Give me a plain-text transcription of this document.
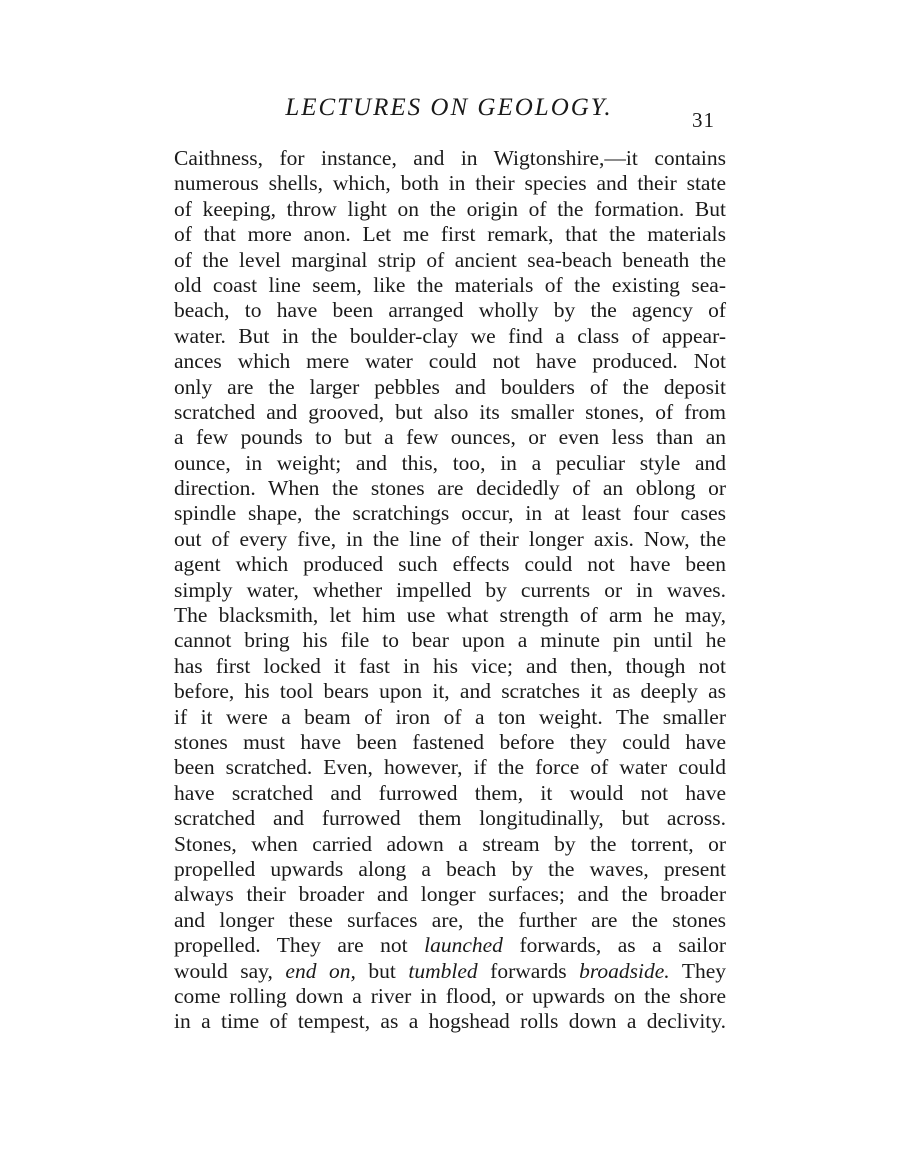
LECTURES ON GEOLOGY.	31
Caithness, for instance, and in Wigtonshire,—it contains
numerous shells, which, both in their species and their state
of keeping, throw light on the origin of the formation. But
of that more anon. Let me first remark, that the materials
of the level marginal strip of ancient sea-beach beneath the
old coast line seem, like the materials of the existing sea-
beach, to have been arranged wholly by the agency of
water. But in the boulder-clay we find a class of appear-
ances which mere water could not have produced. Not
only are the larger pebbles and boulders of the deposit
scratched and grooved, but also its smaller stones, of from
a few pounds to but a few ounces, or even less than an
ounce, in weight; and this, too, in a peculiar style and
direction. When the stones are decidedly of an oblong or
spindle shape, the scratchings occur, in at least four cases
out of every five, in the line of their longer axis. Now, the
agent which produced such effects could not have been
simply water, whether impelled by currents or in waves.
The blacksmith, let him use what strength of arm he may,
cannot bring his file to bear upon a minute pin until he
has first locked it fast in his vice; and then, though not
before, his tool bears upon it, and scratches it as deeply as
if it were a beam of iron of a ton weight. The smaller
stones must have been fastened before they could have
been scratched. Even, however, if the force of water could
have scratched and furrowed them, it would not have
scratched and furrowed them longitudinally, but across.
Stones, when carried adown a stream by the torrent, or
propelled upwards along a beach by the waves, present
always their broader and longer surfaces; and the broader
and longer these surfaces are, the further are the stones
propelled. They are not launched forwards, as a sailor
would say, end on, but tumbled forwards broadside. They
come rolling down a river in flood, or upwards on the shore
in a time of tempest, as a hogshead rolls down a declivity.
